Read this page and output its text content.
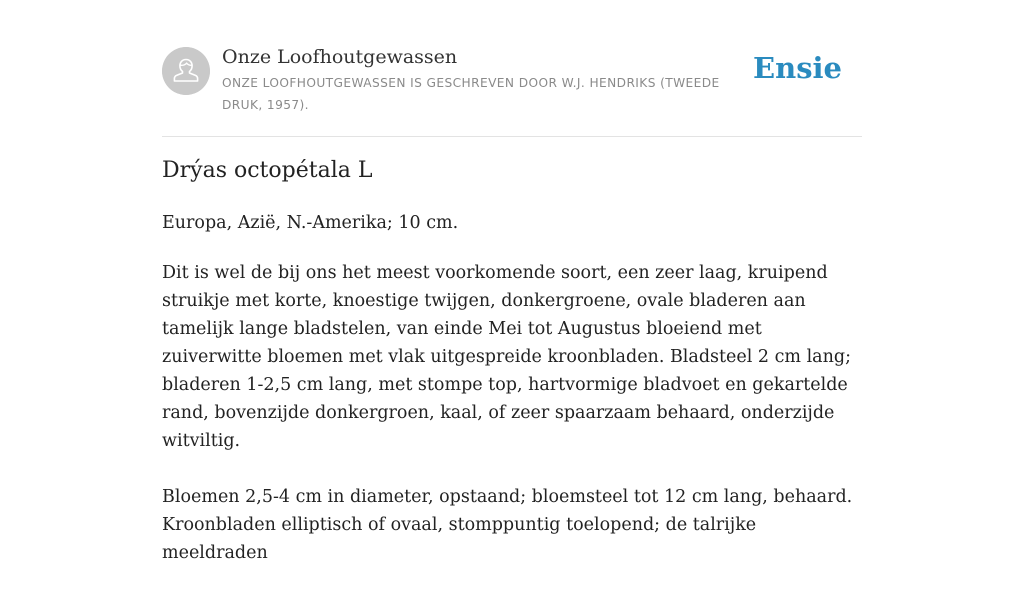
Onze Loofhoutgewassen
ONZE LOOFHOUTGEWASSEN IS GESCHREVEN DOOR W.J. HENDRIKS (TWEEDE DRUK, 1957).
Ensie
Drýas octopétala L

Europa, Azië, N.-Amerika; 10 cm.

Dit is wel de bij ons het meest voorkomende soort, een zeer laag, kruipend struikje met korte, knoestige twijgen, donkergroene, ovale bladeren aan tamelijk lange bladstelen, van einde Mei tot Augustus bloeiend met zuiverwitte bloemen met vlak uitgespreide kroonbladen. Bladsteel 2 cm lang; bladeren 1-2,5 cm lang, met stompe top, hartvormige bladvoet en gekartelde rand, bovenzijde donkergroen, kaal, of zeer spaarzaam behaard, onderzijde witviltig.

Bloemen 2,5-4 cm in diameter, opstaand; bloemsteel tot 12 cm lang, behaard. Kroonbladen elliptisch of ovaal, stomppuntig toelopend; de talrijke meeldraden
